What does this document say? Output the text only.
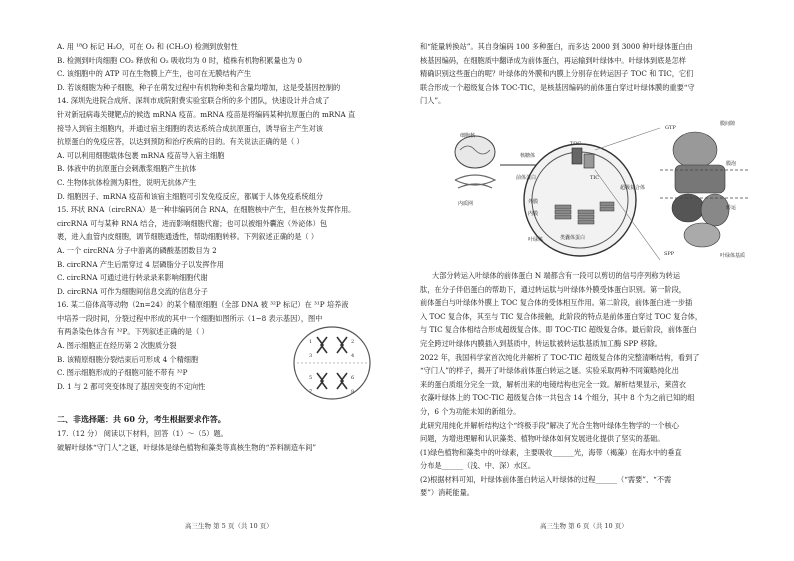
A. 用 ¹⁸O 标记 H₂O，可在 O₂ 和 (CH₂O) 检测到放射性
B. 检测到叶肉细胞 CO₂ 释放和 O₂ 吸收均为 0 时，植株有机物积累量也为 0
C. 该细胞中的 ATP 可在生物膜上产生，也可在无膜结构产生
D. 若该细胞为种子细胞，种子在萌发过程中有机物种类和含量均增加，这是受基因控制的
14. 深圳先进院合成所、深圳市成院附费实验室联合所的多个团队，快速设计并合成了
针对新冠病毒关键靶点的候选 mRNA 疫苗。mRNA 疫苗是将编码某种抗原蛋白的 mRNA 直
接导入到宿主细胞内，并通过宿主细胞的表达系统合成抗原蛋白，诱导宿主产生对该
抗原蛋白的免疫应答，以达到预防和治疗疾病的目的。有关说法正确的是（ ）
A. 可以利用细胞载体包裹 mRNA 疫苗导入宿主细胞
B. 体液中的抗原蛋白会刺激浆细胞产生抗体
C. 生物体抗体检测为阳性，说明无抗体产生
D. 细胞因子、mRNA 疫苗和该宿主细胞可引发免疫反应，都属于人体免疫系统组分
15. 环状 RNA（circRNA）是一种非编码闭合 RNA，在细胞核中产生，但在核外发挥作用。
circRNA 可与某种 RNA 结合，进而影响细胞代谢；也可以被细外囊泡（外泌体）包
裹，进入血管内皮细胞，调节细胞通透性，帮助细胞转移。下列叙述正确的是（ ）
A. 一个 circRNA 分子中游离的磷酸基团数目为 2
B. circRNA 产生后需穿过 4 层磷脂分子以发挥作用
C. circRNA 可通过进行转录录来影响细胞代谢
D. circRNA 可作为细胞间信息交流的信息分子
16. 某二倍体高等动物（2n=24）的某个精原细胞（全部 DNA 被 ³²P 标记）在 ³¹P 培养液
中培养一段时间，分裂过程中形成的其中一个细胞如图所示（1~8 表示基因），图中
有两条染色体含有 ³²P。下列叙述正确的是（ ）
A. 图示细胞正在经历第 2 次胞质分裂
B. 该精原细胞分裂结束后可形成 4 个精细胞
C. 图示细胞形成的子细胞可能不带有 ³²P
D. 1 与 2 都可突变体现了基因突变的不定向性
1	2
3	4
5	6
7	8
二、非选择题：共 60 分，考生根据要求作答。
17.（12 分） 阅读以下材料，回答（1）～（5）题。
破解叶绿体“守门人”之谜，叶绿体是绿色植物和藻类等真核生物的“养料制造车间”
高三生物 第 5 页（共 10 页）
和“能量转换站”。其自身编码 100 多种蛋白，而多达 2000 到 3000 种叶绿体蛋白由
核基因编码，在细胞质中翻译成为前体蛋白，再运输到叶绿体中。叶绿体到底是怎样
精确识别这些蛋白的呢？叶绿体的外膜和内膜上分别存在转运因子 TOC 和 TIC，它们
联合形成一个超级复合体 TOC-TIC，是核基因编码的前体蛋白穿过叶绿体膜的重要“守
门人”。
细胞核
核糖体
内质网
前体蛋白
TOC
TIC
外膜
内膜
叶绿体	类囊体蛋白
超级复合体
膜间隙
GTP
叶绿体基质
SPP
膜泡
转运
大部分转运入叶绿体的前体蛋白 N 端都含有一段可以剪切的信号序列称为转运
肽，在分子伴侣蛋白的帮助下，通过转运肽与叶绿体外膜受体蛋白识别。第一阶段，
前体蛋白与叶绿体外膜上 TOC 复合体的受体相互作用。第二阶段，前体蛋白进一步插
入 TOC 复合体，其至与 TIC 复合体接触，此阶段的特点是前体蛋白穿过 TOC 复合体，
与 TIC 复合体相结合形成超级复合体。即 TOC-TIC 超级复合体。最后阶段，前体蛋白
完全跨过叶绿体内膜插入到基质中，转运肽被转运肽基质加工酶 SPP 移除。
2022 年，我国科学家首次纯化并解析了 TOC-TIC 超级复合体的完整清晰结构，看到了
“守门人”的样子，揭开了叶绿体前体蛋白转运之谜。实验采取两种不同策略纯化出
来的蛋白质组分完全一致，解析出来的电镜结构也完全一致。解析结果显示，莱茵衣
衣藻叶绿体上的 TOC-TIC 超级复合体一共包含 14 个组分，其中 8 个为之前已知的组
分，6 个为功能未知的新组分。
此研究用纯化并解析结构这个“终极手段”解决了光合生物叶绿体生物学的一个核心
问题，为增进理解和认识藻类、植物叶绿体如何发展进化提供了坚实的基础。
(1)绿色植物和藻类中的叶绿素，主要吸收______光，海带（褐藻）在海水中的垂直
分布是______（浅、中、深）水区。
(2)根据材料可知，叶绿体前体蛋白转运入叶绿体的过程______（“需要”、“不需
要”）消耗能量。
高三生物 第 6 页（共 10 页）
